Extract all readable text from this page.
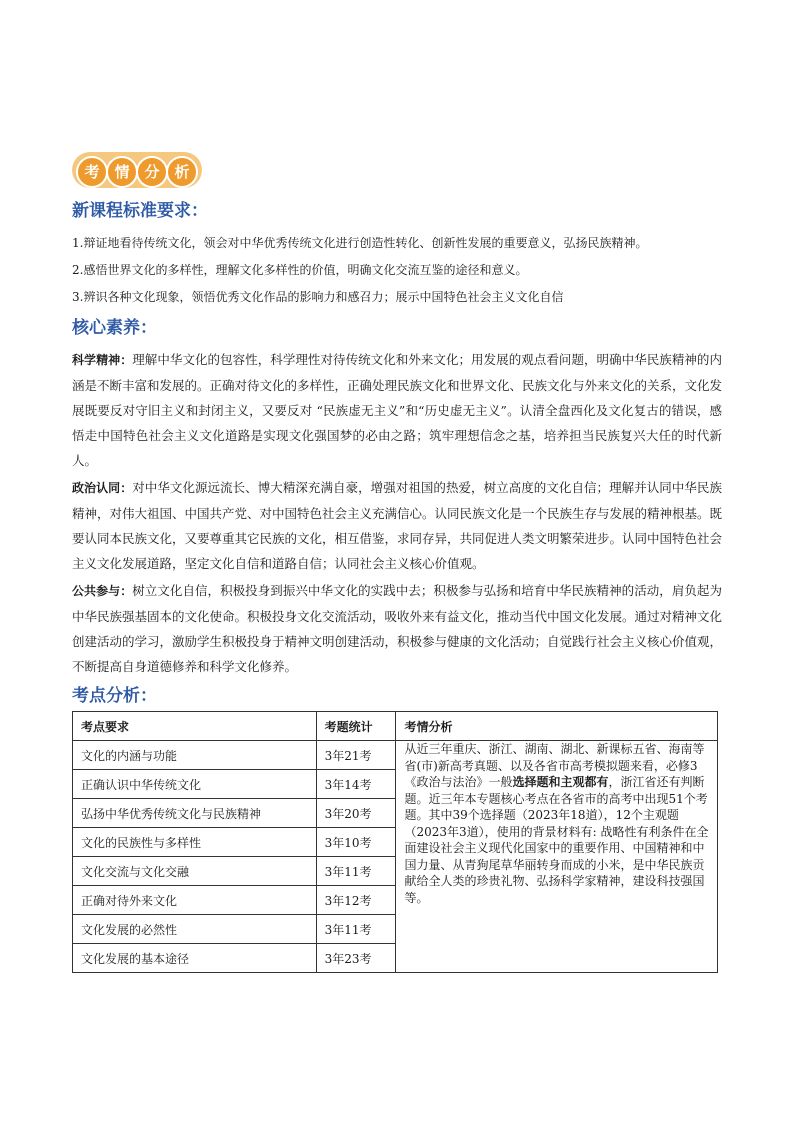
考 情 分 析
新课程标准要求：
1.辩证地看待传统文化，领会对中华优秀传统文化进行创造性转化、创新性发展的重要意义，弘扬民族精神。
2.感悟世界文化的多样性，理解文化多样性的价值，明确文化交流互鉴的途径和意义。
3.辨识各种文化现象，领悟优秀文化作品的影响力和感召力；展示中国特色社会主义文化自信
核心素养：

科学精神：理解中华文化的包容性，科学理性对待传统文化和外来文化；用发展的观点看问题，明确中华民族精神的内涵是不断丰富和发展的。正确对待文化的多样性，正确处理民族文化和世界文化、民族文化与外来文化的关系，文化发展既要反对守旧主义和封闭主义，又要反对 “民族虚无主义”和“历史虚无主义”。认清全盘西化及文化复古的错误，感悟走中国特色社会主义文化道路是实现文化强国梦的必由之路；筑牢理想信念之基，培养担当民族复兴大任的时代新人。

政治认同：对中华文化源远流长、博大精深充满自豪，增强对祖国的热爱，树立高度的文化自信；理解并认同中华民族精神，对伟大祖国、中国共产党、对中国特色社会主义充满信心。认同民族文化是一个民族生存与发展的精神根基。既要认同本民族文化，又要尊重其它民族的文化，相互借鉴，求同存异，共同促进人类文明繁荣进步。认同中国特色社会主义文化发展道路，坚定文化自信和道路自信；认同社会主义核心价值观。

公共参与：树立文化自信，积极投身到振兴中华文化的实践中去；积极参与弘扬和培育中华民族精神的活动，肩负起为中华民族强基固本的文化使命。积极投身文化交流活动，吸收外来有益文化，推动当代中国文化发展。通过对精神文化创建活动的学习，激励学生积极投身于精神文明创建活动，积极参与健康的文化活动；自觉践行社会主义核心价值观，不断提高自身道德修养和科学文化修养。

考点分析：
考点要求	考题统计	考情分析
文化的内涵与功能	3年21考	从近三年重庆、浙江、湖南、湖北、新课标五省、海南等省(市)新高考真题、以及各省市高考模拟题来看，必修3《政治与法治》一般选择题和主观都有，浙江省还有判断题。近三年本专题核心考点在各省市的高考中出现51个考题。其中39个选择题（2023年18道），12个主观题（2023年3道），使用的背景材料有: 战略性有利条件在全面建设社会主义现代化国家中的重要作用、中国精神和中国力量、从青狗尾草华丽转身而成的小米，是中华民族贡献给全人类的珍贵礼物、弘扬科学家精神，建设科技强国等。
正确认识中华传统文化	3年14考	
弘扬中华优秀传统文化与民族精神	3年20考	
文化的民族性与多样性	3年10考	
文化交流与文化交融	3年11考	
正确对待外来文化	3年12考	
文化发展的必然性	3年11考	
文化发展的基本途径	3年23考	
